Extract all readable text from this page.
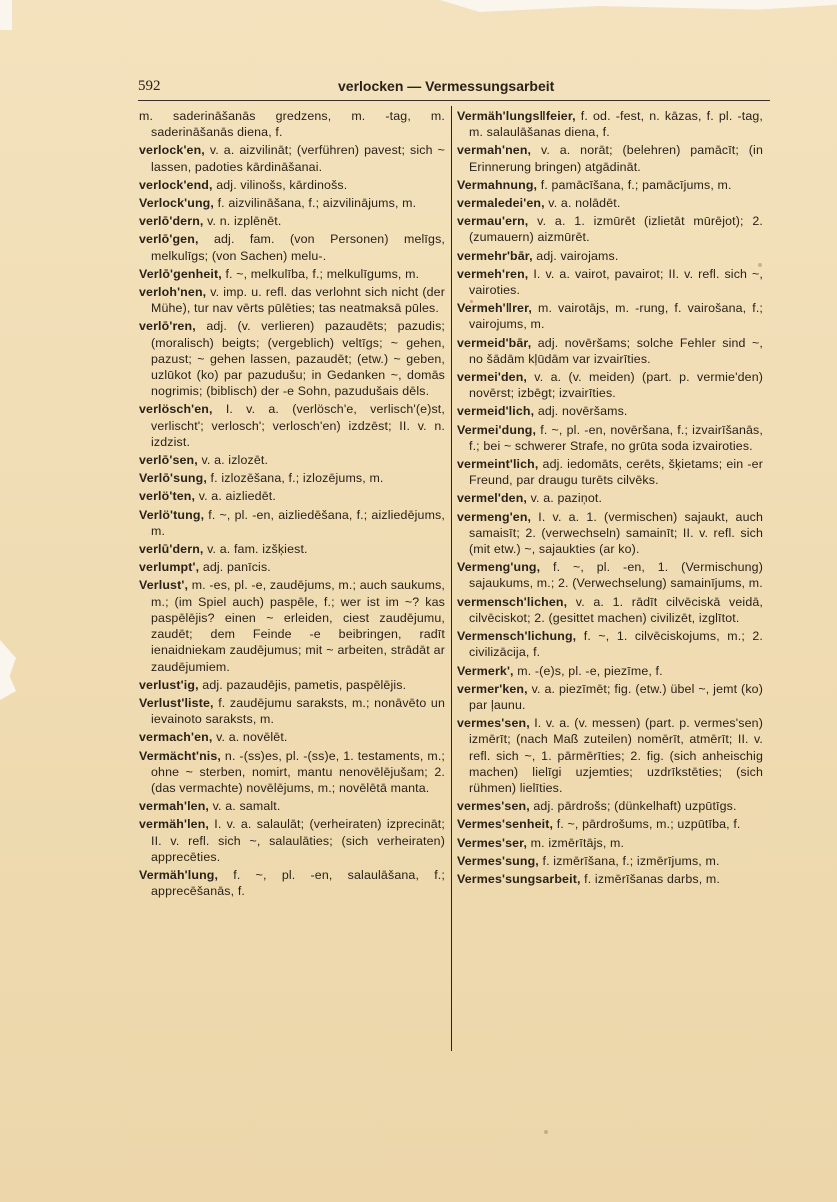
592	verlocken — Vermessungsarbeit
m. saderināšanās gredzens, m. -tag, m. saderināšanās diena, f.
verlock'en, v. a. aizvilināt; (verführen) pavest; sich ~ lassen, padoties kārdināšanai.
verlock'end, adj. vilinošs, kārdinošs.
Verlock'ung, f. aizvilināšana, f.; aizvilinājums, m.
verlō'dern, v. n. izplēnēt.
verlō'gen, adj. fam. (von Personen) melīgs, melkulīgs; (von Sachen) melu-.
Verlō'genheit, f. ~, melkulība, f.; melkulīgums, m.
verloh'nen, v. imp. u. refl. das verlohnt sich nicht (der Mühe), tur nav vērts pūlēties; tas neatmaksā pūles.
verlō'ren, adj. (v. verlieren) pazaudēts; pazudis; (moralisch) beigts; (vergeblich) veltīgs; ~ gehen, pazust; ~ gehen lassen, pazaudēt; (etw.) ~ geben, uzlūkot (ko) par pazudušu; in Gedanken ~, domās nogrimis; (biblisch) der -e Sohn, pazudušais dēls.
verlösch'en, I. v. a. (verlösch'e, verlisch'(e)st, verlischt'; verlosch'; verlosch'en) izdzēst; II. v. n. izdzist.
verlō'sen, v. a. izlozēt.
Verlō'sung, f. izlozēšana, f.; izlozējums, m.
verlö'ten, v. a. aizliedēt.
Verlö'tung, f. ~, pl. -en, aizliedēšana, f.; aizliedējums, m.
verlū'dern, v. a. fam. izšķiest.
verlumpt', adj. panīcis.
Verlust', m. -es, pl. -e, zaudējums, m.; auch saukums, m.; (im Spiel auch) paspēle, f.; wer ist im ~? kas paspēlējis? einen ~ erleiden, ciest zaudējumu, zaudēt; dem Feinde -e beibringen, radīt ienaidniekam zaudējumus; mit ~ arbeiten, strādāt ar zaudējumiem.
verlust'ig, adj. pazaudējis, pametis, paspēlējis.
Verlust'liste, f. zaudējumu saraksts, m.; nonāvēto un ievainoto saraksts, m.
vermach'en, v. a. novēlēt.
Vermächt'nis, n. -(ss)es, pl. -(ss)e, 1. testaments, m.; ohne ~ sterben, nomirt, mantu nenovēlējušam; 2. (das vermachte) novēlējums, m.; novēlētā manta.
vermah'len, v. a. samalt.
vermäh'len, I. v. a. salaulāt; (verheiraten) izprecināt; II. v. refl. sich ~, salaulāties; (sich verheiraten) apprecēties.
Vermäh'lung, f. ~, pl. -en, salaulāšana, f.; apprecēšanās, f.
Vermäh'lungs‖feier, f. od. -fest, n. kāzas, f. pl. -tag, m. salaulāšanas diena, f.
vermah'nen, v. a. norāt; (belehren) pamācīt; (in Erinnerung bringen) atgādināt.
Vermahnung, f. pamācīšana, f.; pamācījums, m.
vermaledei'en, v. a. nolādēt.
vermau'ern, v. a. 1. izmūrēt (izlietāt mūrējot); 2. (zumauern) aizmūrēt.
vermehr'bār, adj. vairojams.
vermeh'ren, I. v. a. vairot, pavairot; II. v. refl. sich ~, vairoties.
Vermeh'‖rer, m. vairotājs, m. -rung, f. vairošana, f.; vairojums, m.
vermeid'bār, adj. novēršams; solche Fehler sind ~, no šādām kļūdām var izvairīties.
vermei'den, v. a. (v. meiden) (part. p. vermie'den) novērst; izbēgt; izvairīties.
vermeid'lich, adj. novēršams.
Vermei'dung, f. ~, pl. -en, novēršana, f.; izvairīšanās, f.; bei ~ schwerer Strafe, no grūta soda izvairoties.
vermeint'lich, adj. iedomāts, cerēts, šķietams; ein -er Freund, par draugu turēts cilvēks.
vermel'den, v. a. paziņot.
vermeng'en, I. v. a. 1. (vermischen) sajaukt, auch samaisīt; 2. (verwechseln) samainīt; II. v. refl. sich (mit etw.) ~, sajaukties (ar ko).
Vermeng'ung, f. ~, pl. -en, 1. (Vermischung) sajaukums, m.; 2. (Verwechselung) samainījums, m.
vermensch'lichen, v. a. 1. rādīt cilvēciskā veidā, cilvēciskot; 2. (gesittet machen) civilizēt, izglītot.
Vermensch'lichung, f. ~, 1. cilvēciskojums, m.; 2. civilizācija, f.
Vermerk', m. -(e)s, pl. -e, piezīme, f.
vermer'ken, v. a. piezīmēt; fig. (etw.) übel ~, jemt (ko) par ļaunu.
vermes'sen, I. v. a. (v. messen) (part. p. vermes'sen) izmērīt; (nach Maß zuteilen) nomērīt, atmērīt; II. v. refl. sich ~, 1. pārmērīties; 2. fig. (sich anheischig machen) lielīgi uzjemties; uzdrīkstēties; (sich rühmen) lielīties.
vermes'sen, adj. pārdrošs; (dünkelhaft) uzpūtīgs.
Vermes'senheit, f. ~, pārdrošums, m.; uzpūtība, f.
Vermes'ser, m. izmērītājs, m.
Vermes'sung, f. izmērīšana, f.; izmērījums, m.
Vermes'sungsarbeit, f. izmērīšanas darbs, m.
